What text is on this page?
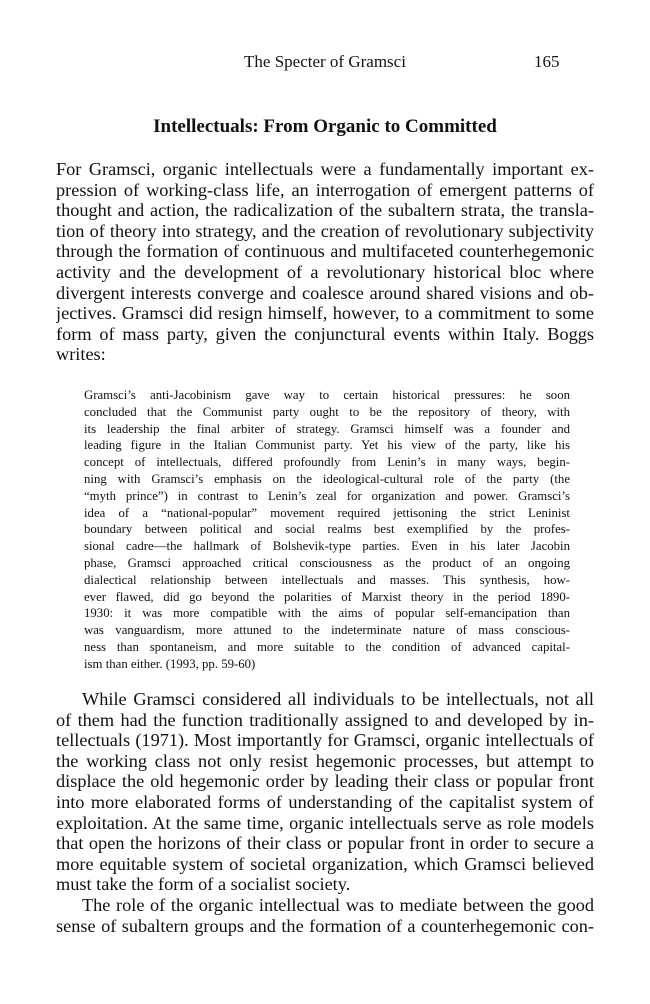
The Specter of Gramsci	165
Intellectuals: From Organic to Committed
For Gramsci, organic intellectuals were a fundamentally important ex-
pression of working-class life, an interrogation of emergent patterns of
thought and action, the radicalization of the subaltern strata, the transla-
tion of theory into strategy, and the creation of revolutionary subjectivity
through the formation of continuous and multifaceted counterhegemonic
activity and the development of a revolutionary historical bloc where
divergent interests converge and coalesce around shared visions and ob-
jectives. Gramsci did resign himself, however, to a commitment to some
form of mass party, given the conjunctural events within Italy. Boggs
writes:
Gramsci’s anti-Jacobinism gave way to certain historical pressures: he soon
concluded that the Communist party ought to be the repository of theory, with
its leadership the final arbiter of strategy. Gramsci himself was a founder and
leading figure in the Italian Communist party. Yet his view of the party, like his
concept of intellectuals, differed profoundly from Lenin’s in many ways, begin-
ning with Gramsci’s emphasis on the ideological-cultural role of the party (the
“myth prince”) in contrast to Lenin’s zeal for organization and power. Gramsci’s
idea of a “national-popular” movement required jettisoning the strict Leninist
boundary between political and social realms best exemplified by the profes-
sional cadre—the hallmark of Bolshevik-type parties. Even in his later Jacobin
phase, Gramsci approached critical consciousness as the product of an ongoing
dialectical relationship between intellectuals and masses. This synthesis, how-
ever flawed, did go beyond the polarities of Marxist theory in the period 1890-
1930: it was more compatible with the aims of popular self-emancipation than
was vanguardism, more attuned to the indeterminate nature of mass conscious-
ness than spontaneism, and more suitable to the condition of advanced capital-
ism than either. (1993, pp. 59-60)
While Gramsci considered all individuals to be intellectuals, not all
of them had the function traditionally assigned to and developed by in-
tellectuals (1971). Most importantly for Gramsci, organic intellectuals of
the working class not only resist hegemonic processes, but attempt to
displace the old hegemonic order by leading their class or popular front
into more elaborated forms of understanding of the capitalist system of
exploitation. At the same time, organic intellectuals serve as role models
that open the horizons of their class or popular front in order to secure a
more equitable system of societal organization, which Gramsci believed
must take the form of a socialist society.
The role of the organic intellectual was to mediate between the good
sense of subaltern groups and the formation of a counterhegemonic con-
